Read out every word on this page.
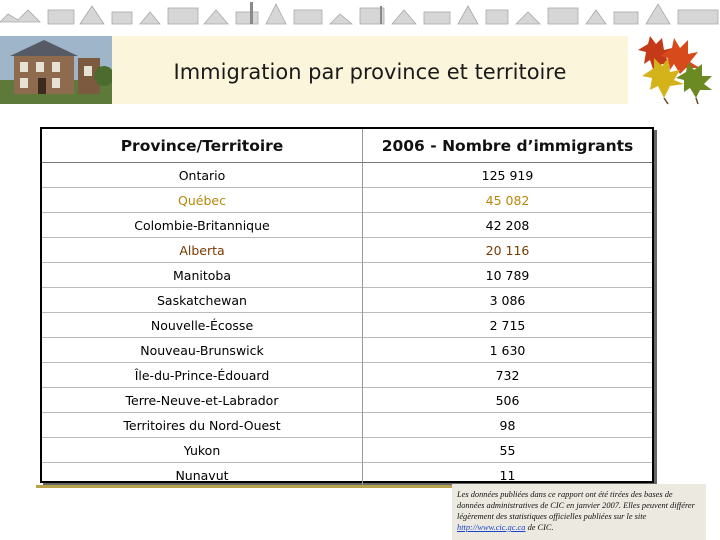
Immigration par province et territoire
Province/Territoire	2006 - Nombre d’immigrants
Ontario	125 919
Québec	45 082
Colombie-Britannique	42 208
Alberta	20 116
Manitoba	10 789
Saskatchewan	3 086
Nouvelle-Écosse	2 715
Nouveau-Brunswick	1 630
Île-du-Prince-Édouard	732
Terre-Neuve-et-Labrador	506
Territoires du Nord-Ouest	98
Yukon	55
Nunavut	11
Les données publiées dans ce rapport ont été tirées des bases de données administratives de CIC en janvier 2007. Elles peuvent différer légèrement des statistiques officielles publiées sur le site http://www.cic.gc.ca de CIC.
